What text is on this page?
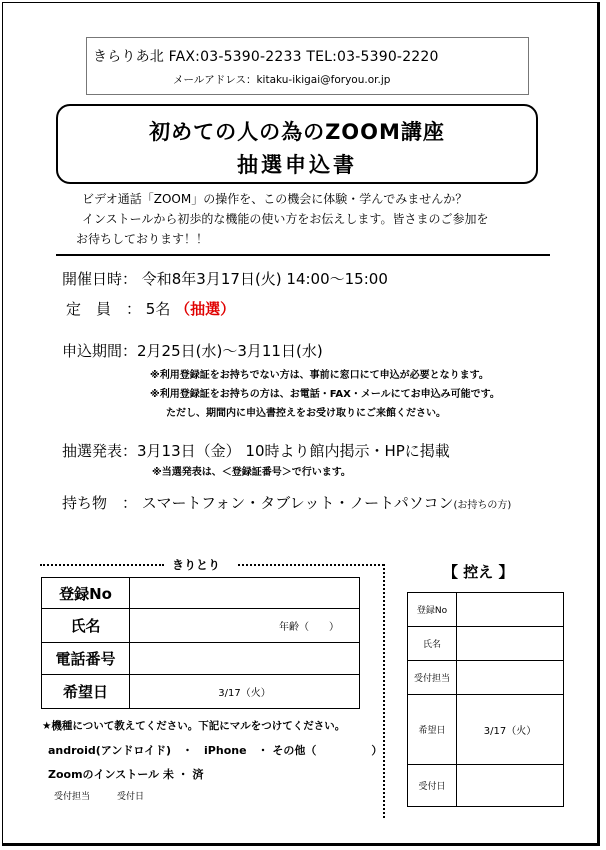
きらりあ北 FAX:03-5390-2233 TEL:03-5390-2220
メールアドレス：kitaku-ikigai@foryou.or.jp
初めての人の為のZOOM講座
抽選申込書
ビデオ通話「ZOOM」の操作を、この機会に体験・学んでみませんか？
インストールから初歩的な機能の使い方をお伝えします。皆さまのご参加を
お待ちしております！！
開催日時： 令和8年3月17日(火) 14:00～15:00
定　員　： 5名 （抽選）
申込期間：2月25日(水)～3月11日(水)
※利用登録証をお持ちでない方は、事前に窓口にて申込が必要となります。
※利用登録証をお持ちの方は、お電話・FAX・メールにてお申込み可能です。
ただし、期間内に申込書控えをお受け取りにご来館ください。
抽選発表：3月13日（金） 10時より館内掲示・HPに掲載
※当選発表は、＜登録証番号＞で行います。
持ち物　： スマートフォン・タブレット・ノートパソコン(お持ちの方)
きりとり
登録No	
氏名	年齢（　　）
電話番号	
希望日	3/17（火）
★機種について教えてください。下記にマルをつけてください。
android(アンドロイド)　・　iPhone　・ その他（　　　　　）
Zoomのインストール 未 ・ 済
受付担当　　　受付日
【 控え 】
登録No	
氏名	
受付担当	
希望日	3/17（火）
受付日	
